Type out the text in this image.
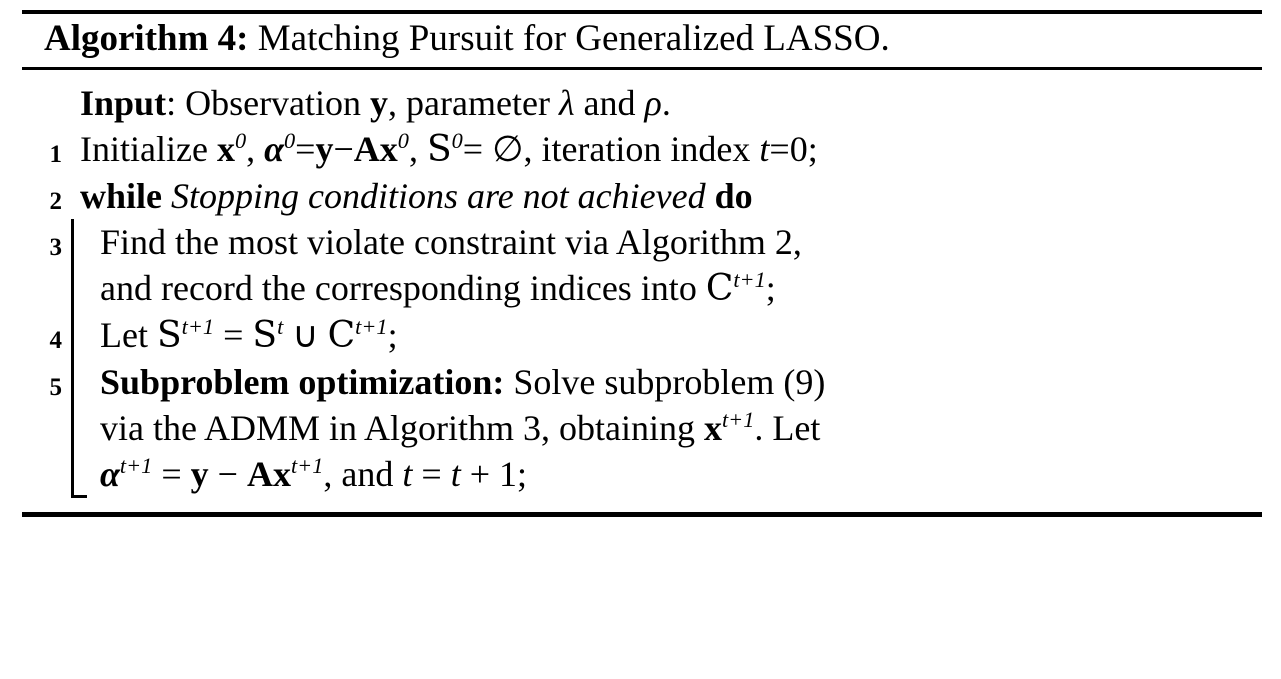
Algorithm 4: Matching Pursuit for Generalized LASSO.
Input: Observation y, parameter λ and ρ.
1 Initialize $x^0$, $\alpha^0=y-Ax^0$, $S^0=$ ∅, iteration index t=0;
2 while Stopping conditions are not achieved do
3	Find the most violate constraint via Algorithm 2,
and record the corresponding indices into $C^{t+1}$;
4	Let $S^{t+1} = S^t$ ∪ $C^{t+1}$;
5	Subproblem optimization: Solve subproblem (9)
via the ADMM in Algorithm 3, obtaining $x^{t+1}$. Let
$\alpha^{t+1} = y - Ax^{t+1}$, and t = t + 1;
